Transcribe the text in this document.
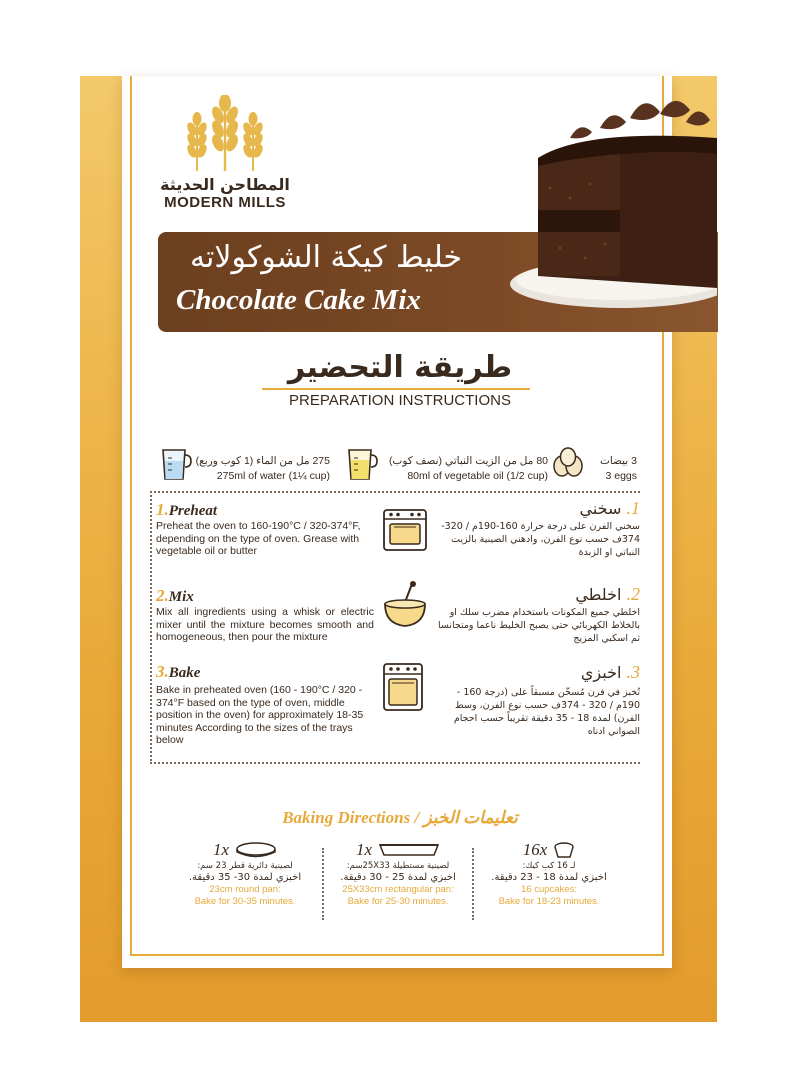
المطاحن الحديثة
MODERN MILLS
خليط كيكة الشوكولاته
Chocolate Cake Mix
طريقة التحضير
PREPARATION INSTRUCTIONS
275 مل من الماء (1 كوب وربع)
275ml of water (1¼ cup)
80 مل من الزيت النباتي (نصف كوب)
80ml of vegetable oil (1/2 cup)
3 بيضات
3 eggs
1.Preheat
Preheat the oven to 160-190°C / 320-374°F, depending on the type of oven. Grease with vegetable oil or butter
1. سخني
سخني الفرن على درجة حرارة 160-190م / 320-374ف حسب نوع الفرن، وادهني الصينية بالزيت النباتي او الزبدة
2.Mix
Mix all ingredients using a whisk or electric mixer until the mixture becomes smooth and homogeneous, then pour the mixture
2. اخلطي
اخلطي جميع المكونات باستخدام مضرب سلك او بالخلاط الكهربائي حتى يصبح الخليط ناعما ومتجانسا ثم اسكبي المزيج
3.Bake
Bake in preheated oven (160 - 190°C / 320 - 374°F based on the type of oven, middle position in the oven) for approximately 18-35 minutes According to the sizes of the trays below
3. اخبزي
تُخبز في فرن مُسخّن مسبقاً على (درجة 160 - 190م / 320 - 374ف حسب نوع الفرن، وسط الفرن) لمدة 18 - 35 دقيقة تقريباً حسب احجام الصواني ادناه
Baking Directions / تعليمات الخبز
1x
لصينية دائرية قطر 23 سم:
اخبزي لمدة 30- 35 دقيقة.
23cm round pan:
Bake for 30-35 minutes.
1x
لصينية مستطيلة 25X33سم:
اخبزي لمدة 25 - 30 دقيقة.
25X33cm rectangular pan:
Bake for 25-30 minutes.
16x
لـ 16 كب كيك:
اخبزي لمدة 18 - 23 دقيقة.
16 cupcakes:
Bake for 18-23 minutes.
